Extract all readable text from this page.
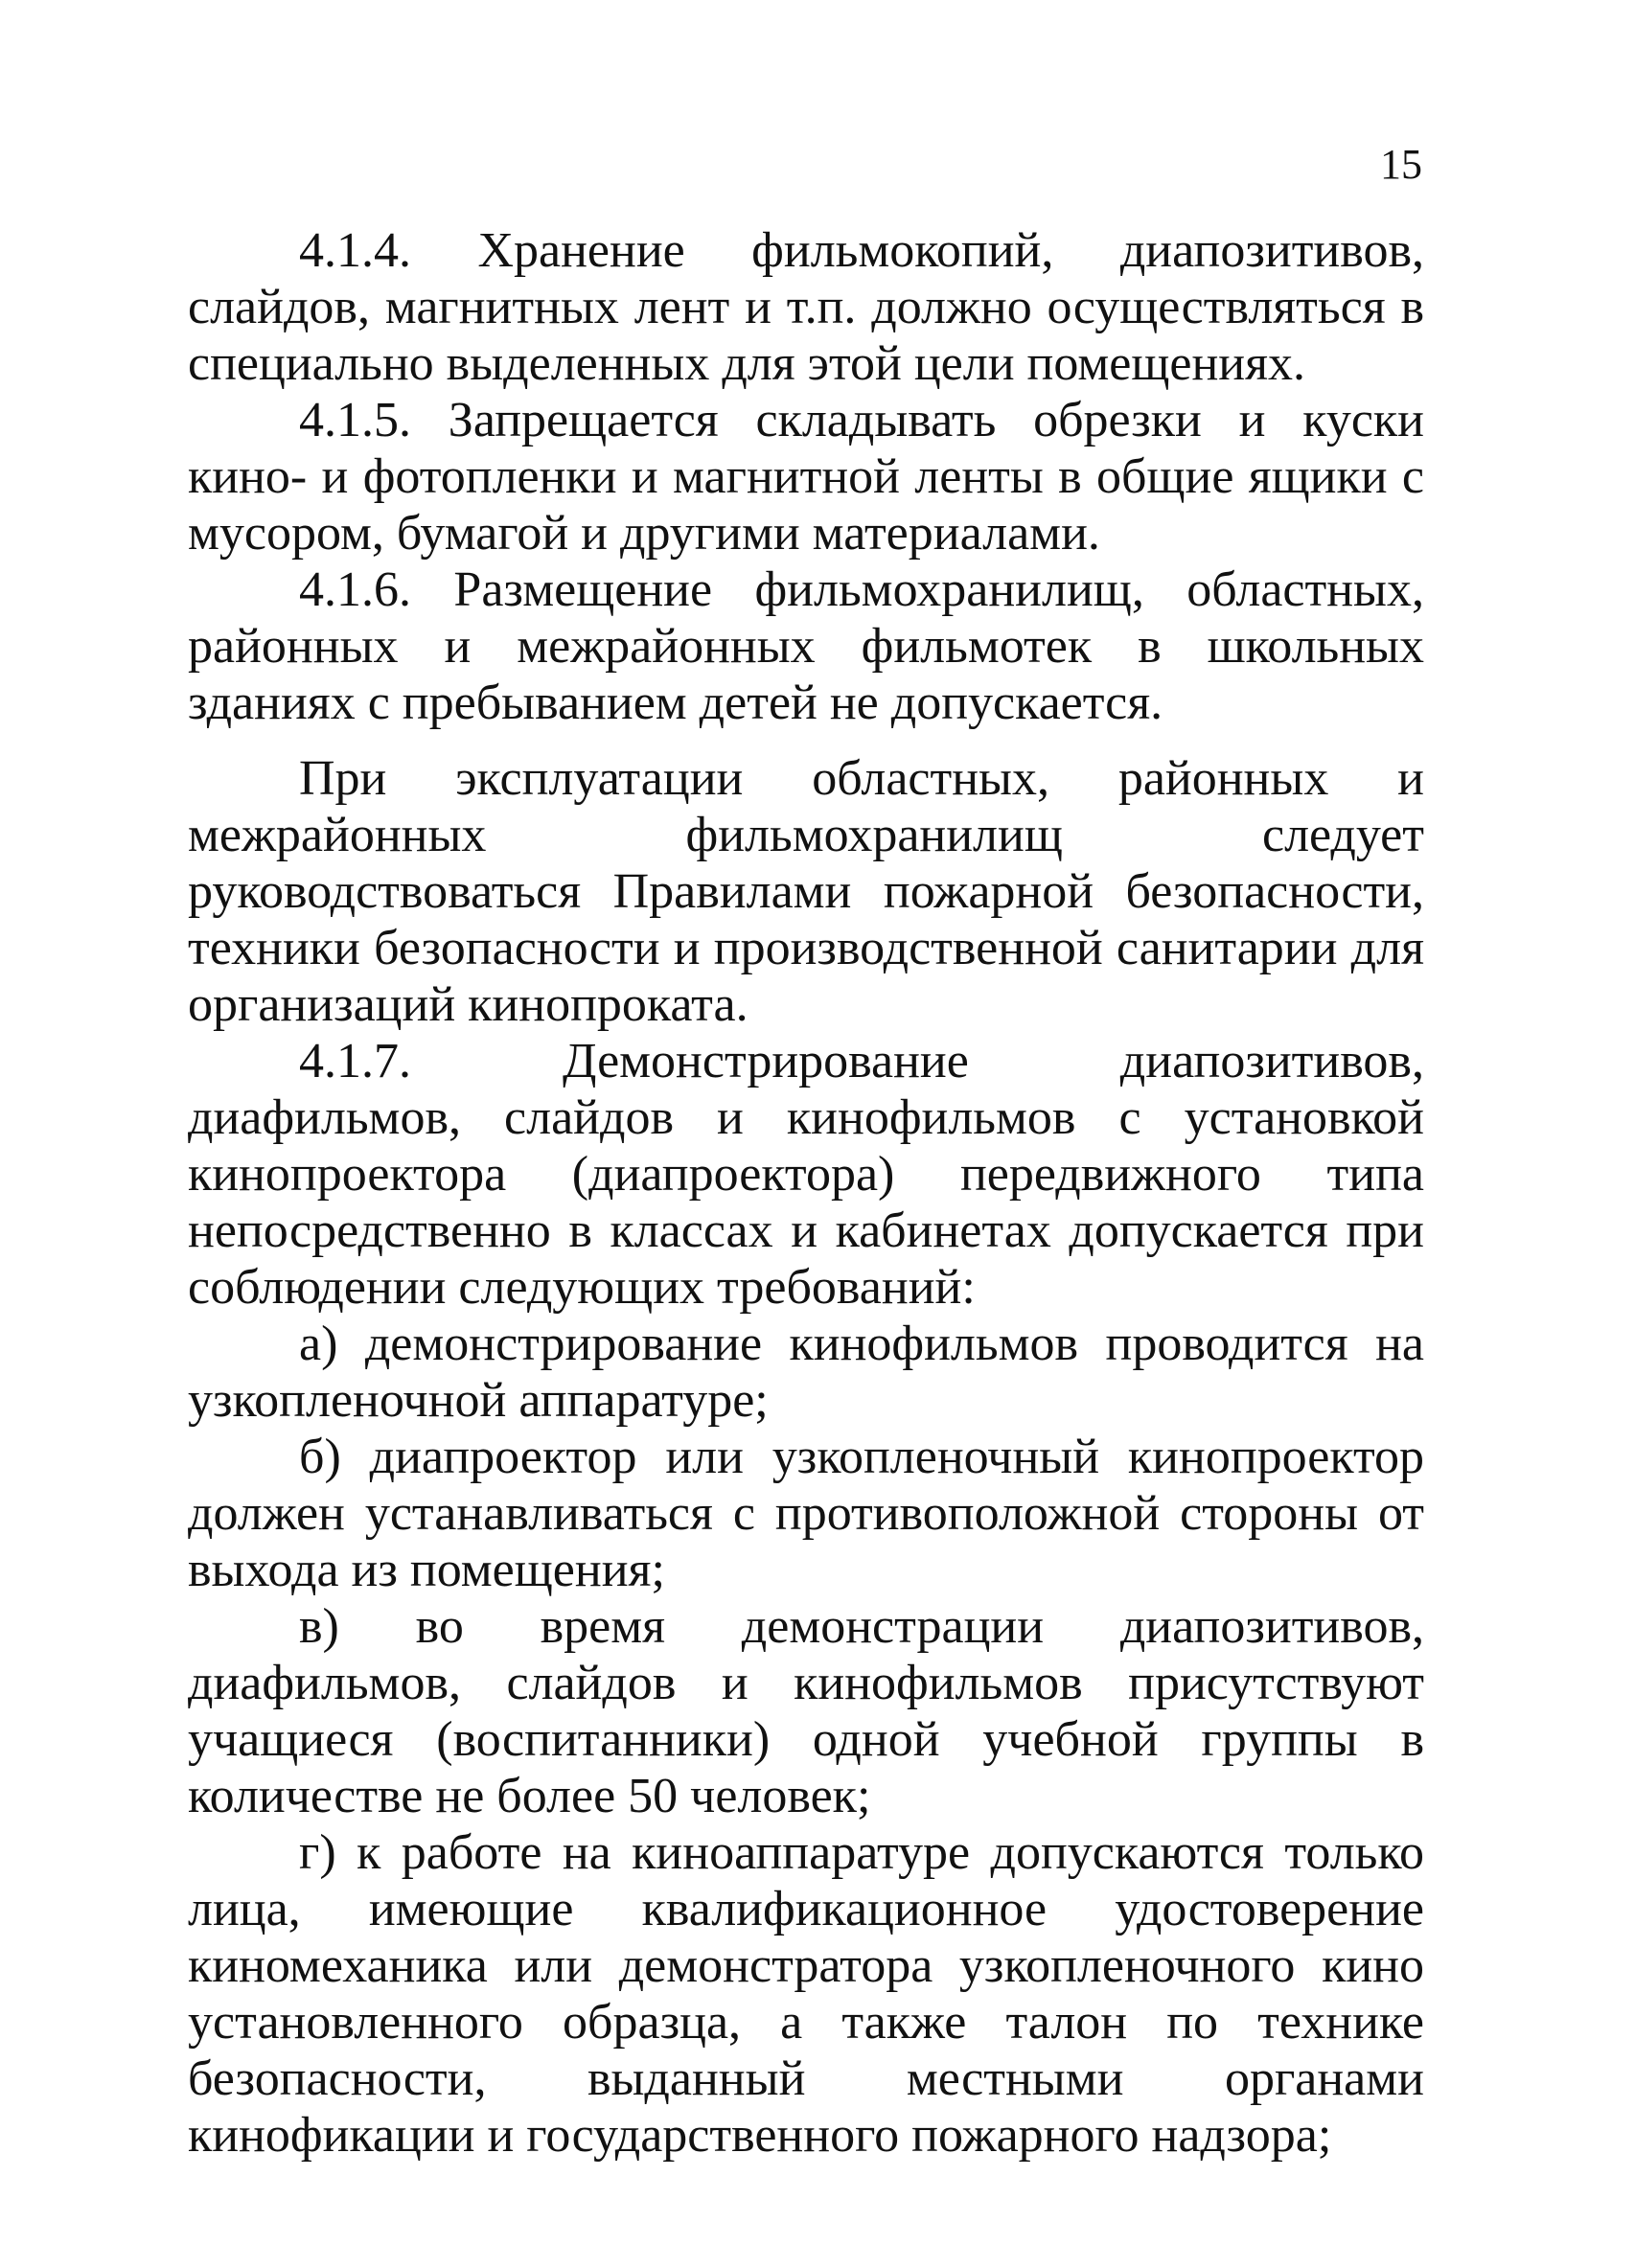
15

4.1.4. Хранение фильмокопий, диапозитивов, слайдов, магнитных лент и т.п. должно осуществляться в специально выделенных для этой цели помещениях.

4.1.5. Запрещается складывать обрезки и куски кино- и фотопленки и магнитной ленты в общие ящики с мусором, бумагой и другими материалами.

4.1.6. Размещение фильмохранилищ, областных, районных и межрайонных фильмотек в школьных зданиях с пребыванием детей не допускается.

При эксплуатации областных, районных и межрайонных фильмохранилищ следует руководствоваться Правилами пожарной безопасности, техники безопасности и производственной санитарии для организаций кинопроката.

4.1.7. Демонстрирование диапозитивов, диафильмов, слайдов и кинофильмов с установкой кинопроектора (диапроектора) передвижного типа непосредственно в классах и кабинетах допускается при соблюдении следующих требований:

а) демонстрирование кинофильмов проводится на узкопленочной аппаратуре;

б) диапроектор или узкопленочный кинопроектор должен устанавливаться с противоположной стороны от выхода из помещения;

в) во время демонстрации диапозитивов, диафильмов, слайдов и кинофильмов присутствуют учащиеся (воспитанники) одной учебной группы в количестве не более 50 человек;

г) к работе на киноаппаратуре допускаются только лица, имеющие квалификационное удостоверение киномеханика или демонстратора узкопленочного кино установленного образца, а также талон по технике безопасности, выданный местными органами кинофикации и государственного пожарного надзора;
